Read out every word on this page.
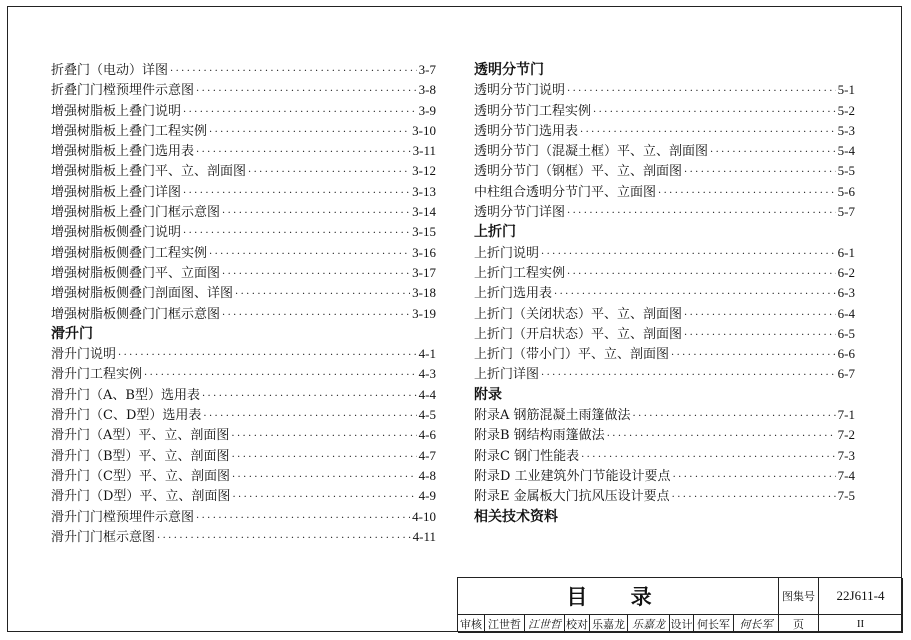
折叠门（电动）详图 ·····	3-7
折叠门门樘预埋件示意图 ·····	3-8
增强树脂板上叠门说明 ·····	3-9
增强树脂板上叠门工程实例 ·····	3-10
增强树脂板上叠门选用表 ·····	3-11
增强树脂板上叠门平、立、剖面图 ·····	3-12
增强树脂板上叠门详图 ·····	3-13
增强树脂板上叠门门框示意图 ·····	3-14
增强树脂板侧叠门说明 ·····	3-15
增强树脂板侧叠门工程实例 ·····	3-16
增强树脂板侧叠门平、立面图 ·····	3-17
增强树脂板侧叠门剖面图、详图 ·····	3-18
增强树脂板侧叠门门框示意图 ·····	3-19
滑升门
滑升门说明 ·····	4-1
滑升门工程实例 ·····	4-3
滑升门（A、B型）选用表 ·····	4-4
滑升门（C、D型）选用表 ·····	4-5
滑升门（A型）平、立、剖面图 ·····	4-6
滑升门（B型）平、立、剖面图 ·····	4-7
滑升门（C型）平、立、剖面图 ·····	4-8
滑升门（D型）平、立、剖面图 ·····	4-9
滑升门门樘预埋件示意图 ·····	4-10
滑升门门框示意图 ·····	4-11
透明分节门
透明分节门说明 ·····	5-1
透明分节门工程实例 ·····	5-2
透明分节门选用表 ·····	5-3
透明分节门（混凝土框）平、立、剖面图 ·····	5-4
透明分节门（钢框）平、立、剖面图 ·····	5-5
中柱组合透明分节门平、立面图 ·····	5-6
透明分节门详图 ·····	5-7
上折门
上折门说明 ·····	6-1
上折门工程实例 ·····	6-2
上折门选用表 ·····	6-3
上折门（关闭状态）平、立、剖面图 ·····	6-4
上折门（开启状态）平、立、剖面图 ·····	6-5
上折门（带小门）平、立、剖面图 ·····	6-6
上折门详图 ·····	6-7
附录
附录A 钢筋混凝土雨篷做法 ·····	7-1
附录B 钢结构雨篷做法 ·····	7-2
附录C 钢门性能表 ·····	7-3
附录D 工业建筑外门节能设计要点 ·····	7-4
附录E 金属板大门抗风压设计要点 ·····	7-5
相关技术资料
目 录	图集号	22J611-4
审核 江世哲 江世哲 校对 乐嘉龙 乐嘉龙 设计 何长军 何长军	页	II
